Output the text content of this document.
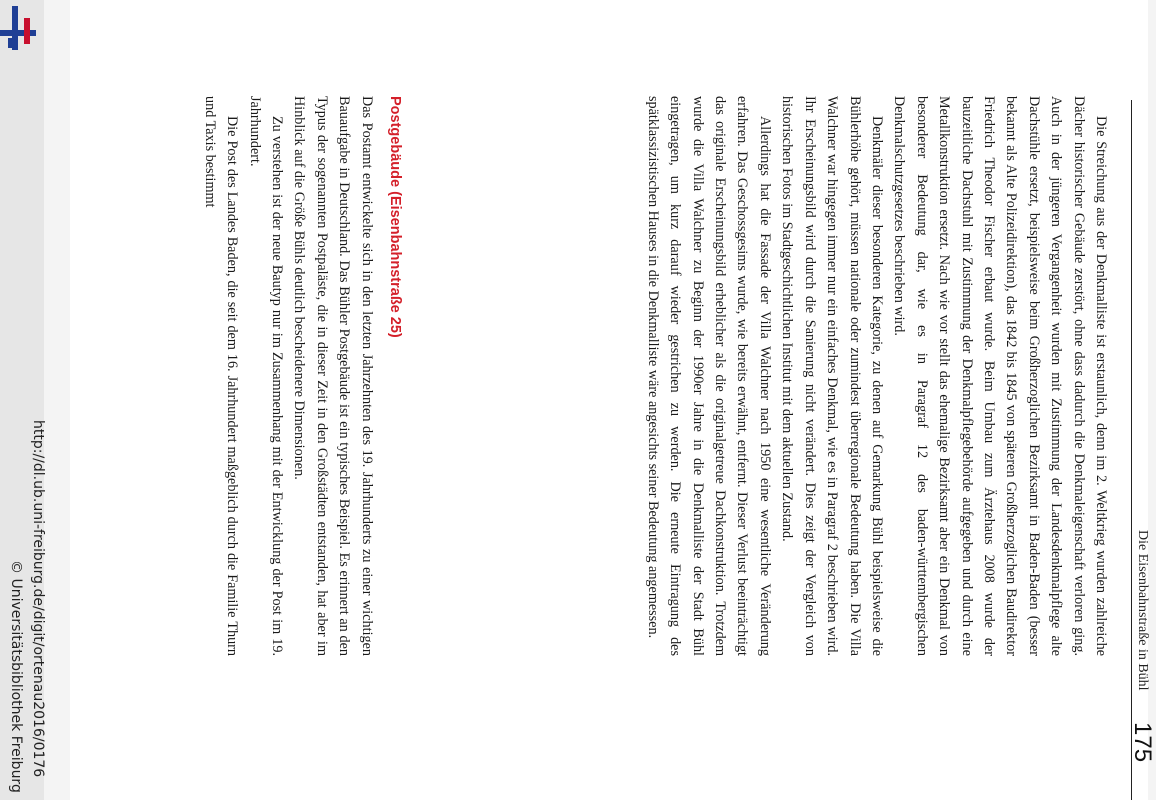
175
Die Eisenbahnstraße in Bühl

Die Streichung aus der Denkmalliste ist erstaunlich, denn im 2. Weltkrieg wurden zahlreiche Dächer historischer Gebäude zerstört, ohne dass dadurch die Denkmaleigenschaft verloren ging. Auch in der jüngeren Vergangenheit wurden mit Zustimmung der Landesdenkmalpflege alte Dachstühle ersetzt, beispielsweise beim Großherzoglichen Bezirksamt in Baden-Baden (besser bekannt als Alte Polizeidirektion), das 1842 bis 1845 von späteren Großherzoglichen Baudirektor Friedrich Theodor Fischer erbaut wurde. Beim Umbau zum Ärztehaus 2008 wurde der bauzeitliche Dachstuhl mit Zustimmung der Denkmalpflegebehörde aufgegeben und durch eine Metallkonstruktion ersetzt. Nach wie vor stellt das ehemalige Bezirksamt aber ein Denkmal von besonderer Bedeutung dar, wie es in Paragraf 12 des baden-württembergischen Denkmalschutzgesetzes beschrieben wird.

Denkmäler dieser besonderen Kategorie, zu denen auf Gemarkung Bühl beispielsweise die Bühlerhöhe gehört, müssen nationale oder zumindest überregionale Bedeutung haben. Die Villa Walchner war hingegen immer nur ein einfaches Denkmal, wie es in Paragraf 2 beschrieben wird. Ihr Erscheinungsbild wird durch die Sanierung nicht verändert. Dies zeigt der Vergleich von historischen Fotos im Stadtgeschichtlichen Institut mit dem aktuellen Zustand.

Allerdings hat die Fassade der Villa Walchner nach 1950 eine wesentliche Veränderung erfahren. Das Geschossgesims wurde, wie bereits erwähnt, entfernt. Dieser Verlust beeinträchtigt das originale Erscheinungsbild erheblicher als die originalgetreue Dachkonstruktion. Trotzdem wurde die Villa Walchner zu Beginn der 1990er Jahre in die Denkmalliste der Stadt Bühl eingetragen, um kurz darauf wieder gestrichen zu werden. Die erneute Eintragung des spätklassizistischen Hauses in die Denkmalliste wäre angesichts seiner Bedeutung angemessen.

Postgebäude (Eisenbahnstraße 25)

Das Postamt entwickelte sich in den letzten Jahrzehnten des 19. Jahrhunderts zu einer wichtigen Bauaufgabe in Deutschland. Das Bühler Postgebäude ist ein typisches Beispiel. Es erinnert an den Typus der sogenannten Postpaläste, die in dieser Zeit in den Großstädten entstanden, hat aber im Hinblick auf die Größe Bühls deutlich bescheidenere Dimensionen.

Zu verstehen ist der neue Bautyp nur im Zusammenhang mit der Entwicklung der Post im 19. Jahrhundert.

Die Post des Landes Baden, die seit dem 16. Jahrhundert maßgeblich durch die Familie Thurn und Taxis bestimmt

http://dl.ub.uni-freiburg.de/digit/ortenau2016/0176
© Universitätsbibliothek Freiburg
